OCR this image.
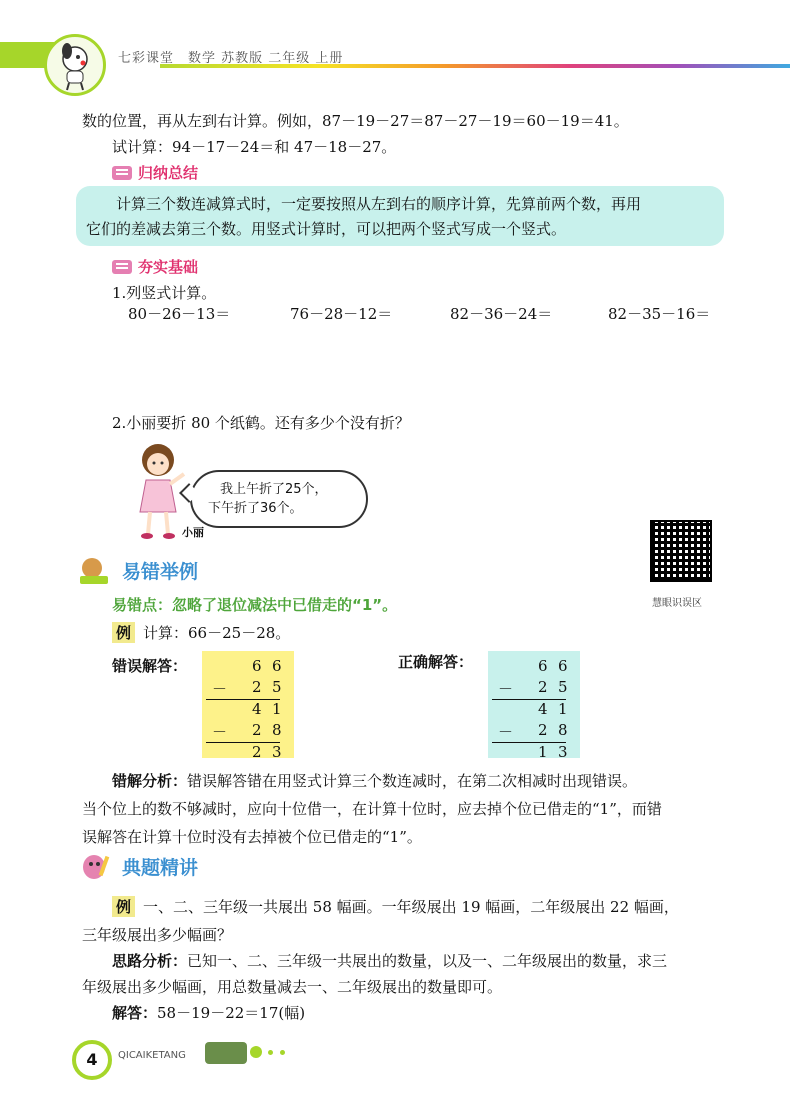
七彩课堂　数学 苏教版 二年级 上册
数的位置，再从左到右计算。例如，87－19－27＝87－27－19＝60－19＝41。
试计算：94－17－24＝和 47－18－27。
归纳总结
计算三个数连减算式时，一定要按照从左到右的顺序计算，先算前两个数，再用
它们的差减去第三个数。用竖式计算时，可以把两个竖式写成一个竖式。
夯实基础
1.列竖式计算。
80－26－13＝	76－28－12＝	82－36－24＝	82－35－16＝
2.小丽要折 80 个纸鹤。还有多少个没有折？
我上午折了25个，
下午折了36个。
小丽
慧眼识误区
易错举例
易错点：忽略了退位减法中已借走的“1”。
例 计算：66－25－28。
错误解答：	6 6
－ 2 5
4 1
－ 2 8
2 3
正确解答：	6 6
－ 2 5
4 1
－ 2 8
1 3
错解分析：错误解答错在用竖式计算三个数连减时，在第二次相减时出现错误。
当个位上的数不够减时，应向十位借一，在计算十位时，应去掉个位已借走的“1”，而错
误解答在计算十位时没有去掉被个位已借走的“1”。
典题精讲
例 一、二、三年级一共展出 58 幅画。一年级展出 19 幅画，二年级展出 22 幅画，
三年级展出多少幅画？
思路分析：已知一、二、三年级一共展出的数量，以及一、二年级展出的数量，求三
年级展出多少幅画，用总数量减去一、二年级展出的数量即可。
解答：58－19－22＝17(幅)
4	QICAIKETANG
